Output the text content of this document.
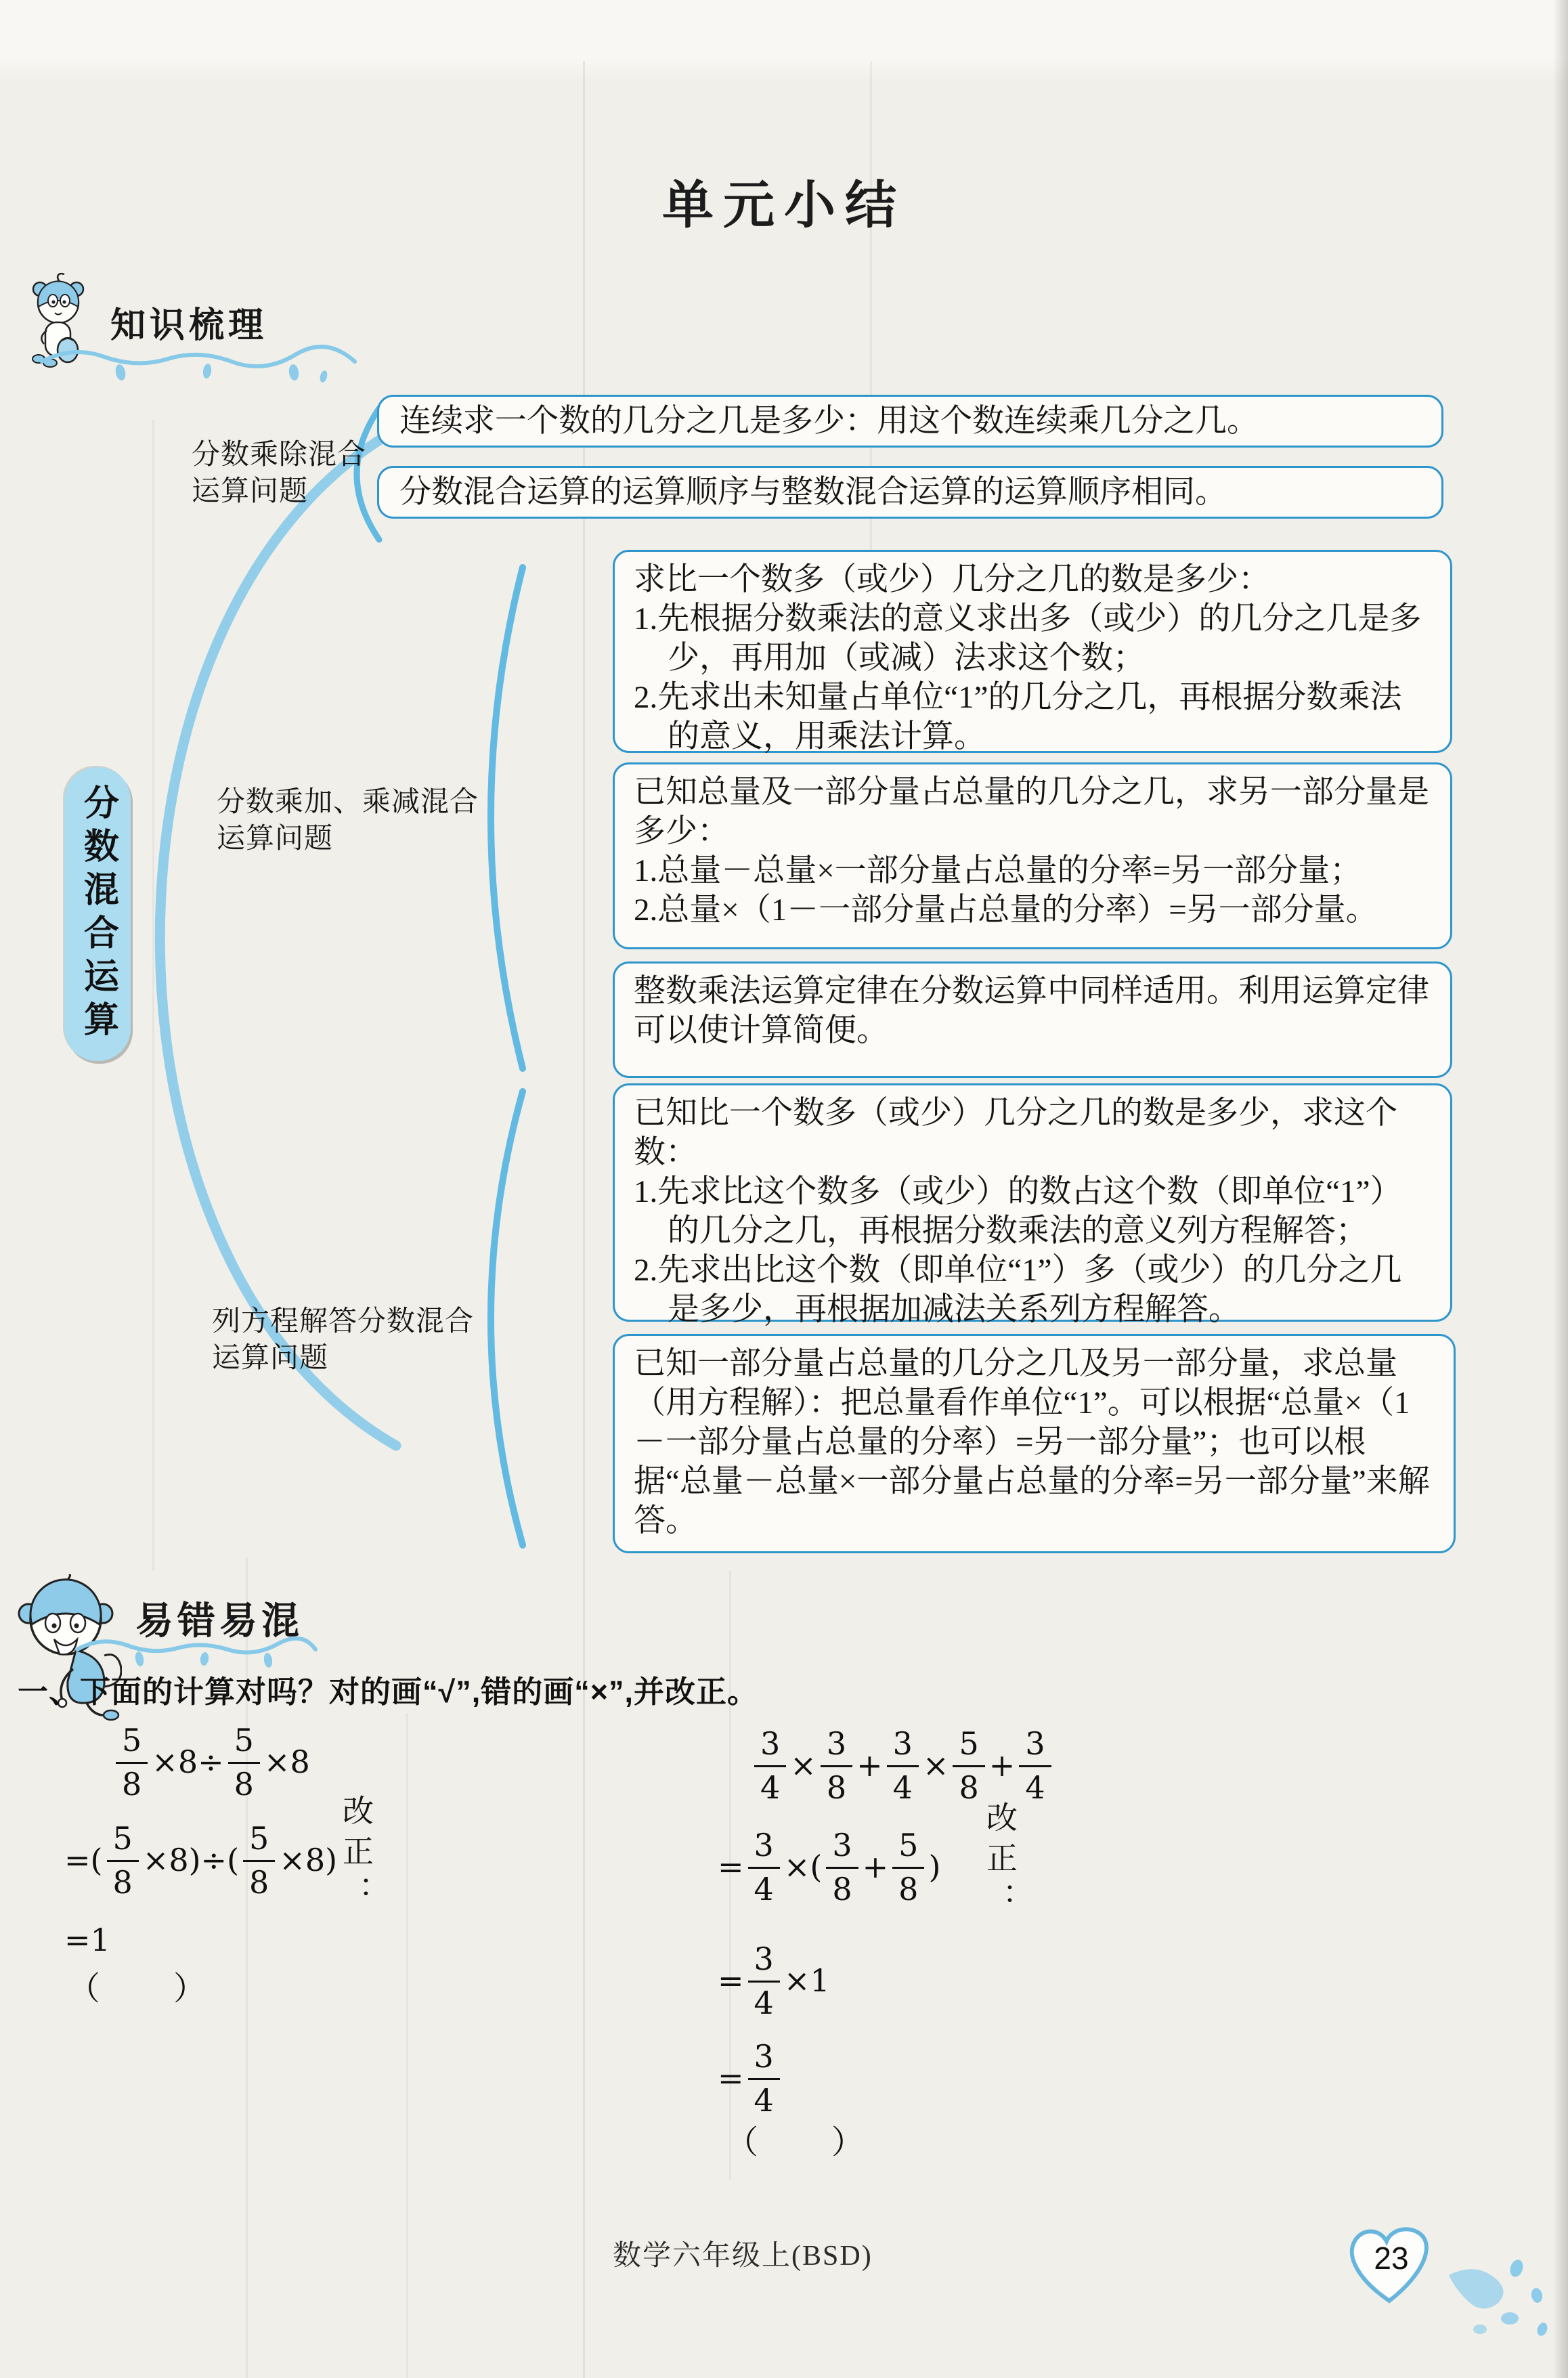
单元小结
知识梳理
分数混合运算
分数乘除混合
运算问题
分数乘加、乘减混合
运算问题
列方程解答分数混合
运算问题
连续求一个数的几分之几是多少：用这个数连续乘几分之几。
分数混合运算的运算顺序与整数混合运算的运算顺序相同。

求比一个数多（或少）几分之几的数是多少：

1.先根据分数乘法的意义求出多（或少）的几分之几是多少，再用加（或减）法求这个数；

2.先求出未知量占单位“1”的几分之几，再根据分数乘法的意义，用乘法计算。

已知总量及一部分量占总量的几分之几，求另一部分量是多少：

1.总量－总量×一部分量占总量的分率=另一部分量；

2.总量×（1－一部分量占总量的分率）=另一部分量。

整数乘法运算定律在分数运算中同样适用。利用运算定律可以使计算简便。

已知比一个数多（或少）几分之几的数是多少，求这个数：

1.先求比这个数多（或少）的数占这个数（即单位“1”）的几分之几，再根据分数乘法的意义列方程解答；

2.先求出比这个数（即单位“1”）多（或少）的几分之几是多少，再根据加减法关系列方程解答。

已知一部分量占总量的几分之几及另一部分量，求总量（用方程解）：把总量看作单位“1”。可以根据“总量×（1－一部分量占总量的分率）=另一部分量”；也可以根据“总量－总量×一部分量占总量的分率=另一部分量”来解答。

易错易混
一、下面的计算对吗？对的画“√”,错的画“×”,并改正。
5
8
×8÷
5
8
×8
=(
5
8
×8)÷(
5
8
×8)
=1
（　　）
改正：
3
4
×
3
8
+
3
4
×
5
8
+
3
4
=
3
4
×(
3
8
+
5
8
)
=
3
4
×1
=
3
4
（　　）
改正：
数学六年级上(BSD)	23
